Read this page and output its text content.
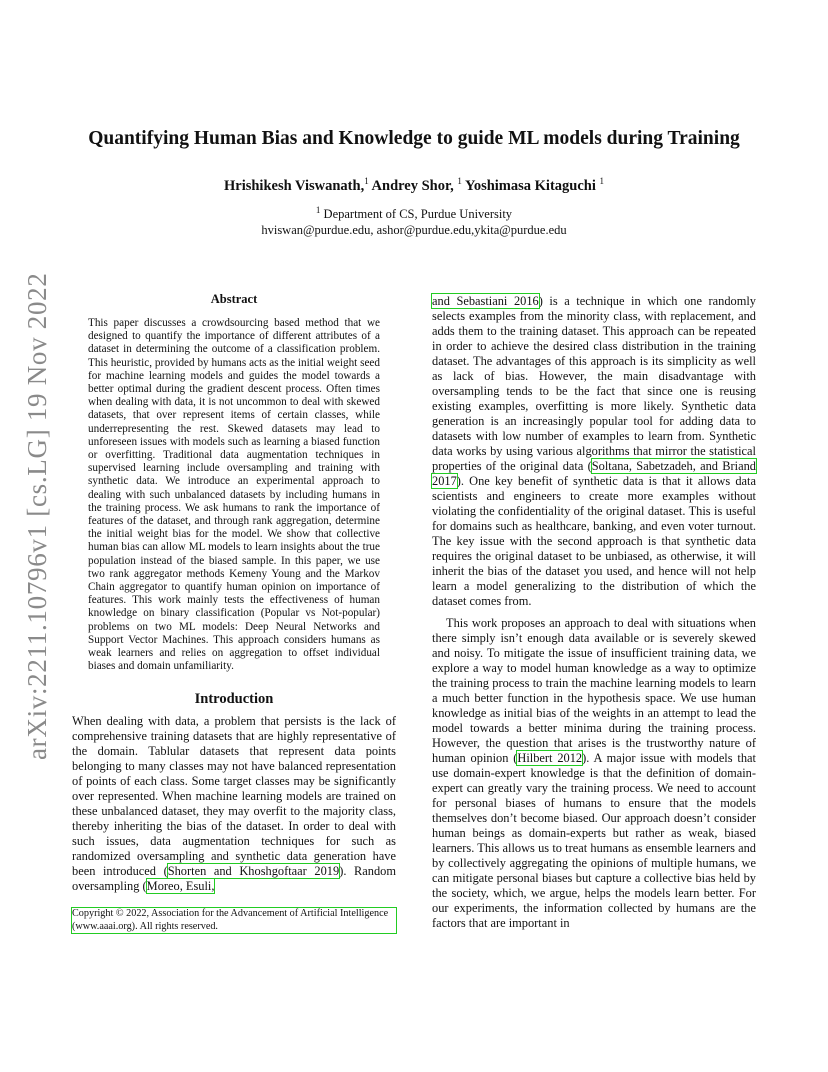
arXiv:2211.10796v1 [cs.LG] 19 Nov 2022
Quantifying Human Bias and Knowledge to guide ML models during Training
Hrishikesh Viswanath,$^1$ Andrey Shor, $^1$ Yoshimasa Kitaguchi $^1$
$^1$ Department of CS, Purdue University
hviswan@purdue.edu, ashor@purdue.edu,ykita@purdue.edu
Abstract

This paper discusses a crowdsourcing based method that we designed to quantify the importance of different attributes of a dataset in determining the outcome of a classification problem. This heuristic, provided by humans acts as the initial weight seed for machine learning models and guides the model towards a better optimal during the gradient descent process. Often times when dealing with data, it is not uncommon to deal with skewed datasets, that over represent items of certain classes, while underrepresenting the rest. Skewed datasets may lead to unforeseen issues with models such as learning a biased function or overfitting. Traditional data augmentation techniques in supervised learning include oversampling and training with synthetic data. We introduce an experimental approach to dealing with such unbalanced datasets by including humans in the training process. We ask humans to rank the importance of features of the dataset, and through rank aggregation, determine the initial weight bias for the model. We show that collective human bias can allow ML models to learn insights about the true population instead of the biased sample. In this paper, we use two rank aggregator methods Kemeny Young and the Markov Chain aggregator to quantify human opinion on importance of features. This work mainly tests the effectiveness of human knowledge on binary classification (Popular vs Not-popular) problems on two ML models: Deep Neural Networks and Support Vector Machines. This approach considers humans as weak learners and relies on aggregation to offset individual biases and domain unfamiliarity.

Introduction

When dealing with data, a problem that persists is the lack of comprehensive training datasets that are highly representative of the domain. Tablular datasets that represent data points belonging to many classes may not have balanced representation of points of each class. Some target classes may be significantly over represented. When machine learning models are trained on these unbalanced dataset, they may overfit to the majority class, thereby inheriting the bias of the dataset. In order to deal with such issues, data augmentation techniques for such as randomized oversampling and synthetic data generation have been introduced (Shorten and Khoshgoftaar 2019). Random oversampling (Moreo, Esuli,

Copyright © 2022, Association for the Advancement of Artificial Intelligence (www.aaai.org). All rights reserved.

and Sebastiani 2016) is a technique in which one randomly selects examples from the minority class, with replacement, and adds them to the training dataset. This approach can be repeated in order to achieve the desired class distribution in the training dataset. The advantages of this approach is its simplicity as well as lack of bias. However, the main disadvantage with oversampling tends to be the fact that since one is reusing existing examples, overfitting is more likely. Synthetic data generation is an increasingly popular tool for adding data to datasets with low number of examples to learn from. Synthetic data works by using various algorithms that mirror the statistical properties of the original data (Soltana, Sabetzadeh, and Briand 2017). One key benefit of synthetic data is that it allows data scientists and engineers to create more examples without violating the confidentiality of the original dataset. This is useful for domains such as healthcare, banking, and even voter turnout. The key issue with the second approach is that synthetic data requires the original dataset to be unbiased, as otherwise, it will inherit the bias of the dataset you used, and hence will not help learn a model generalizing to the distribution of which the dataset comes from.

This work proposes an approach to deal with situations when there simply isn’t enough data available or is severely skewed and noisy. To mitigate the issue of insufficient training data, we explore a way to model human knowledge as a way to optimize the training process to train the machine learning models to learn a much better function in the hypothesis space. We use human knowledge as initial bias of the weights in an attempt to lead the model towards a better minima during the training process. However, the question that arises is the trustworthy nature of human opinion (Hilbert 2012). A major issue with models that use domain-expert knowledge is that the definition of domain-expert can greatly vary the training process. We need to account for personal biases of humans to ensure that the models themselves don’t become biased. Our approach doesn’t consider human beings as domain-experts but rather as weak, biased learners. This allows us to treat humans as ensemble learners and by collectively aggregating the opinions of multiple humans, we can mitigate personal biases but capture a collective bias held by the society, which, we argue, helps the models learn better. For our experiments, the information collected by humans are the factors that are important in
